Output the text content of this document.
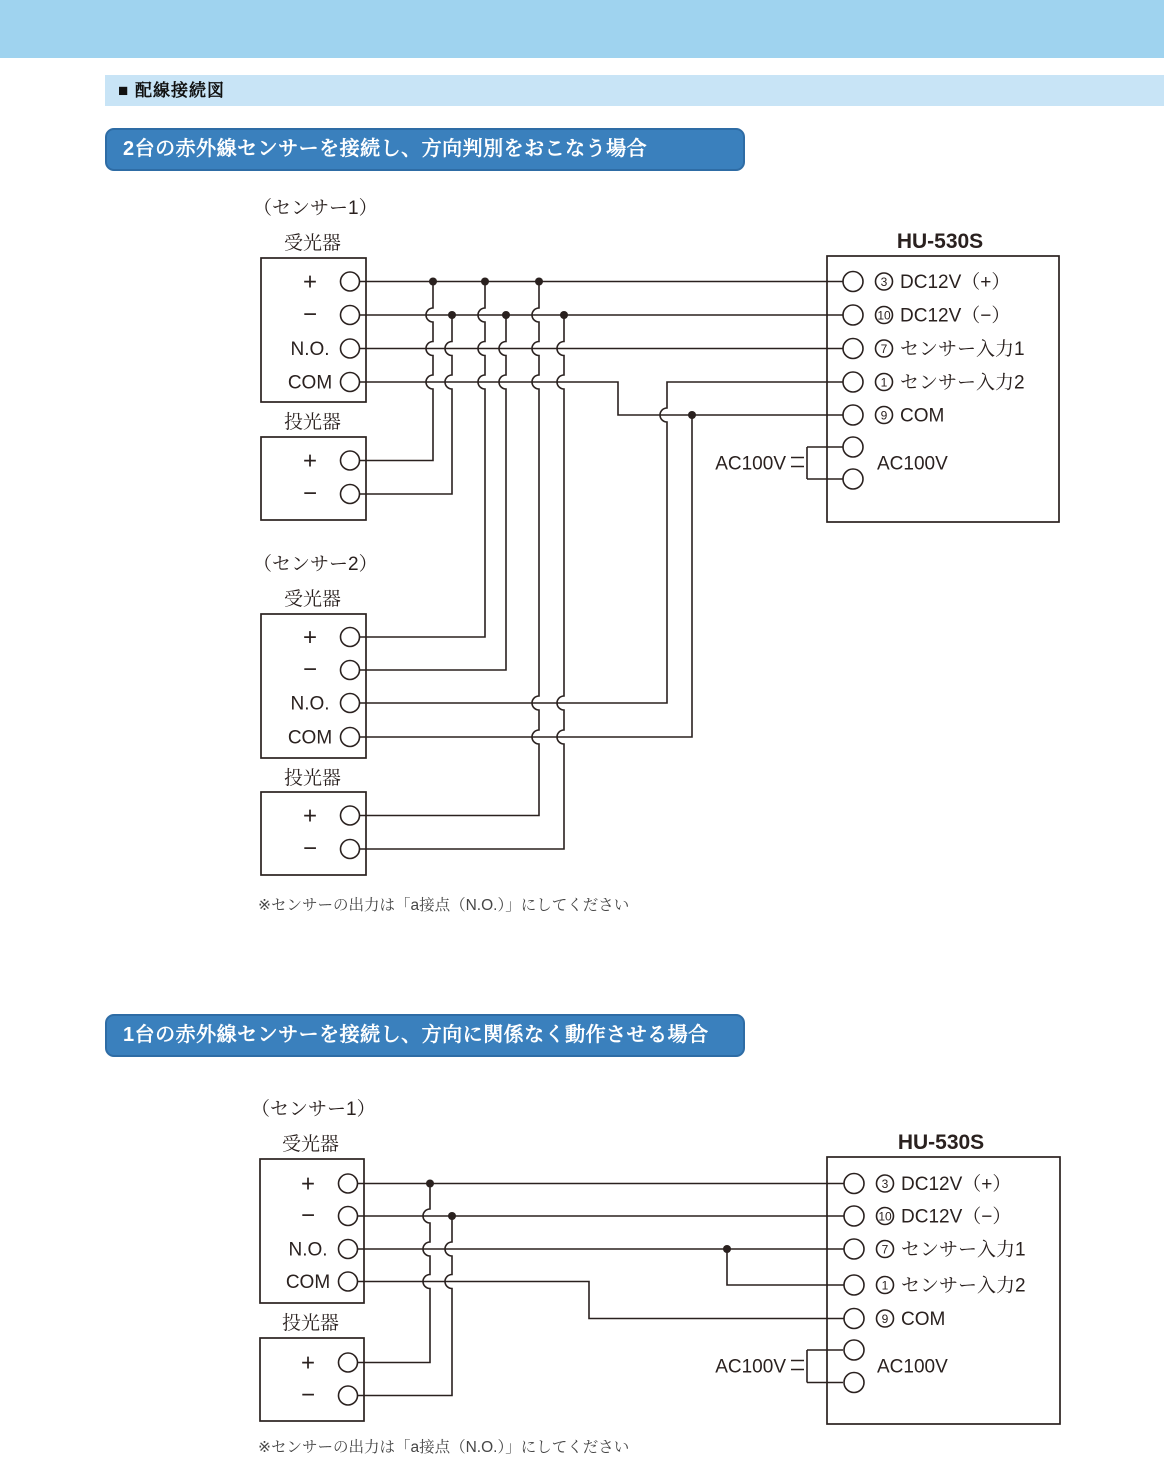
■ 配線接続図
2台の赤外線センサーを接続し、方向判別をおこなう場合
1台の赤外線センサーを接続し、方向に関係なく動作させる場合
（センサー1）
受光器
+
−
N.O.
COM
投光器
+
−
（センサー2）
受光器
+
−
N.O.
COM
投光器
+
−
HU-530S
3 DC12V（+）
10 DC12V（−）
7 センサー入力1
1 センサー入力2
9 COM
AC100V	AC100V
※センサーの出力は「a接点（N.O.）」にしてください
（センサー1）
受光器
+
−
N.O.
COM
投光器
+
−
HU-530S
3 DC12V（+）
10 DC12V（−）
7 センサー入力1
1 センサー入力2
9 COM
AC100V	AC100V
※センサーの出力は「a接点（N.O.）」にしてください
